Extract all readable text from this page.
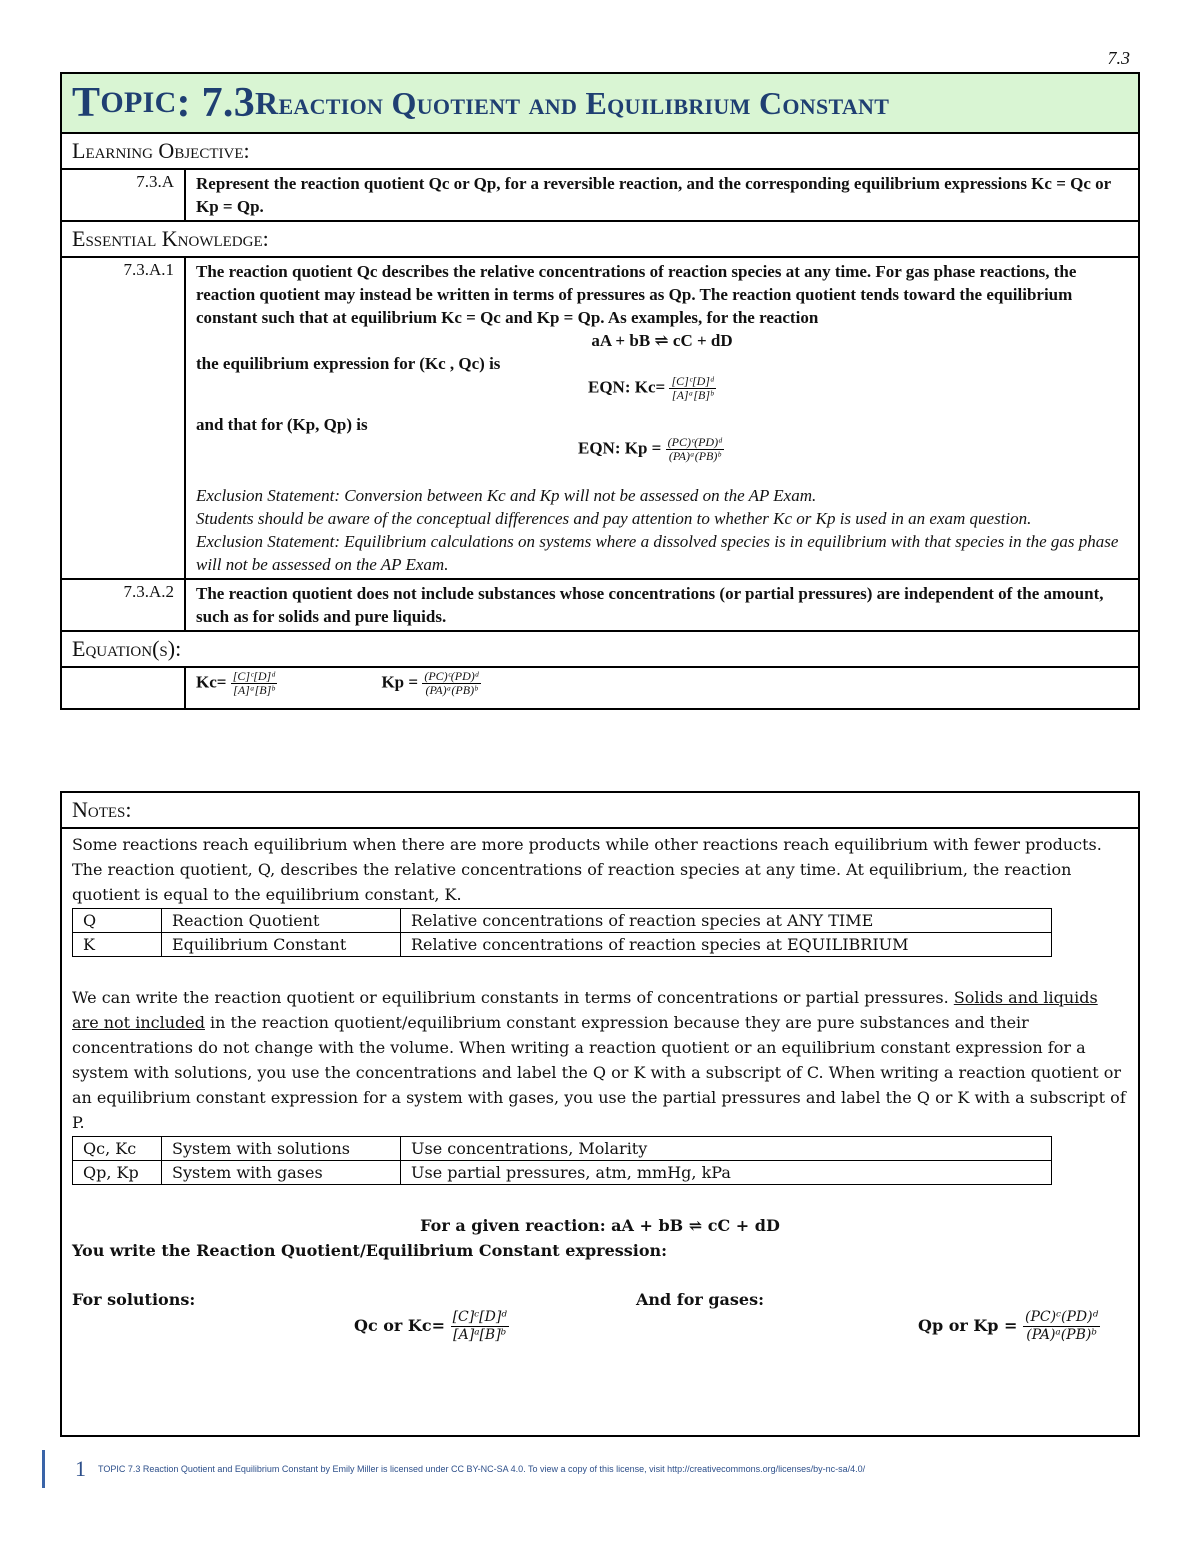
7.3
T OPIC : 7.3 Reaction Quotient and Equilibrium Constant
Learning Objective:
7.3.A	Represent the reaction quotient Qc or Qp, for a reversible reaction, and the corresponding equilibrium expressions Kc = Qc or Kp = Qp.
Essential Knowledge:
7.3.A.1	The reaction quotient Qc describes the relative concentrations of reaction species at any time. For gas phase reactions, the reaction quotient may instead be written in terms of pressures as Qp. The reaction quotient tends toward the equilibrium constant such that at equilibrium Kc = Qc and Kp = Qp. As examples, for the reaction
aA + bB ⇌ cC + dD
the equilibrium expression for (Kc , Qc) is
EQN: $Kc= \frac{\text{[C]ᶜ[D]ᵈ}}{\text{[A]ᵃ[B]ᵇ}}$
and that for (Kp, Qp) is
EQN: $Kp = \frac{\text{(PC)ᶜ(PD)ᵈ}}{\text{(PA)ᵃ(PB)ᵇ}}$
Exclusion Statement: Conversion between Kc and Kp will not be assessed on the AP Exam.
Students should be aware of the conceptual differences and pay attention to whether Kc or Kp is used in an exam question.
Exclusion Statement: Equilibrium calculations on systems where a dissolved species is in equilibrium with that species in the gas phase will not be assessed on the AP Exam.
7.3.A.2	The reaction quotient does not include substances whose concentrations (or partial pressures) are independent of the amount, such as for solids and pure liquids.
Equation(s):
$Kc= \frac{\text{[C]ᶜ[D]ᵈ}}{\text{[A]ᵃ[B]ᵇ}}$	$Kp = \frac{\text{(PC)ᶜ(PD)ᵈ}}{\text{(PA)ᵃ(PB)ᵇ}}$
Notes:
Some reactions reach equilibrium when there are more products while other reactions reach equilibrium with fewer products. The reaction quotient, Q, describes the relative concentrations of reaction species at any time. At equilibrium, the reaction quotient is equal to the equilibrium constant, K.
Q	Reaction Quotient	Relative concentrations of reaction species at ANY TIME
K	Equilibrium Constant	Relative concentrations of reaction species at EQUILIBRIUM
We can write the reaction quotient or equilibrium constants in terms of concentrations or partial pressures. Solids and liquids are not included in the reaction quotient/equilibrium constant expression because they are pure substances and their concentrations do not change with the volume. When writing a reaction quotient or an equilibrium constant expression for a system with solutions, you use the concentrations and label the Q or K with a subscript of C. When writing a reaction quotient or an equilibrium constant expression for a system with gases, you use the partial pressures and label the Q or K with a subscript of P.
Qc, Kc	System with solutions	Use concentrations, Molarity
Qp, Kp	System with gases	Use partial pressures, atm, mmHg, kPa
For a given reaction: aA + bB ⇌ cC + dD
You write the Reaction Quotient/Equilibrium Constant expression:
For solutions:	And for gases:
Qc or $Kc= \frac{\text{[C]ᶜ[D]ᵈ}}{\text{[A]ᵃ[B]ᵇ}}$	Qp or $Kp = \frac{\text{(PC)ᶜ(PD)ᵈ}}{\text{(PA)ᵃ(PB)ᵇ}}$
1 TOPIC 7.3 Reaction Quotient and Equilibrium Constant by Emily Miller is licensed under CC BY-NC-SA 4.0. To view a copy of this license, visit http://creativecommons.org/licenses/by-nc-sa/4.0/
